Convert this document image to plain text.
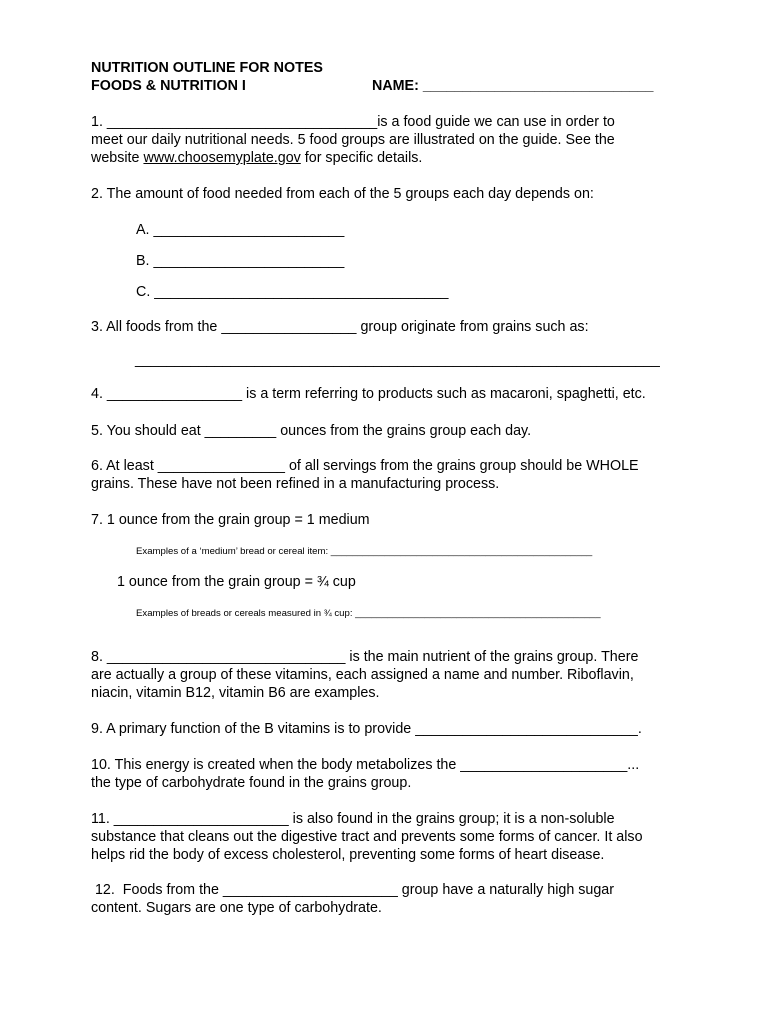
NUTRITION OUTLINE FOR NOTES
FOODS & NUTRITION I	NAME: _____________________________
1. __________________________________is a food guide we can use in order to
meet our daily nutritional needs. 5 food groups are illustrated on the guide. See the
website www.choosemyplate.gov for specific details.
2. The amount of food needed from each of the 5 groups each day depends on:
A. ________________________
B. ________________________
C. _____________________________________
3. All foods from the _________________ group originate from grains such as:
__________________________________________________________________
4. _________________ is a term referring to products such as macaroni, spaghetti, etc.
5. You should eat _________ ounces from the grains group each day.
6. At least ________________ of all servings from the grains group should be WHOLE
grains. These have not been refined in a manufacturing process.
7. 1 ounce from the grain group = 1 medium
Examples of a ‘medium’ bread or cereal item: _________________________________________________
1 ounce from the grain group = ¾ cup
Examples of breads or cereals measured in ¾ cup: ______________________________________________
8. ______________________________ is the main nutrient of the grains group. There
are actually a group of these vitamins, each assigned a name and number. Riboflavin,
niacin, vitamin B12, vitamin B6 are examples.
9. A primary function of the B vitamins is to provide ____________________________.
10. This energy is created when the body metabolizes the _____________________...
the type of carbohydrate found in the grains group.
11. ______________________ is also found in the grains group; it is a non-soluble
substance that cleans out the digestive tract and prevents some forms of cancer. It also
helps rid the body of excess cholesterol, preventing some forms of heart disease.
12.  Foods from the ______________________ group have a naturally high sugar
content. Sugars are one type of carbohydrate.
